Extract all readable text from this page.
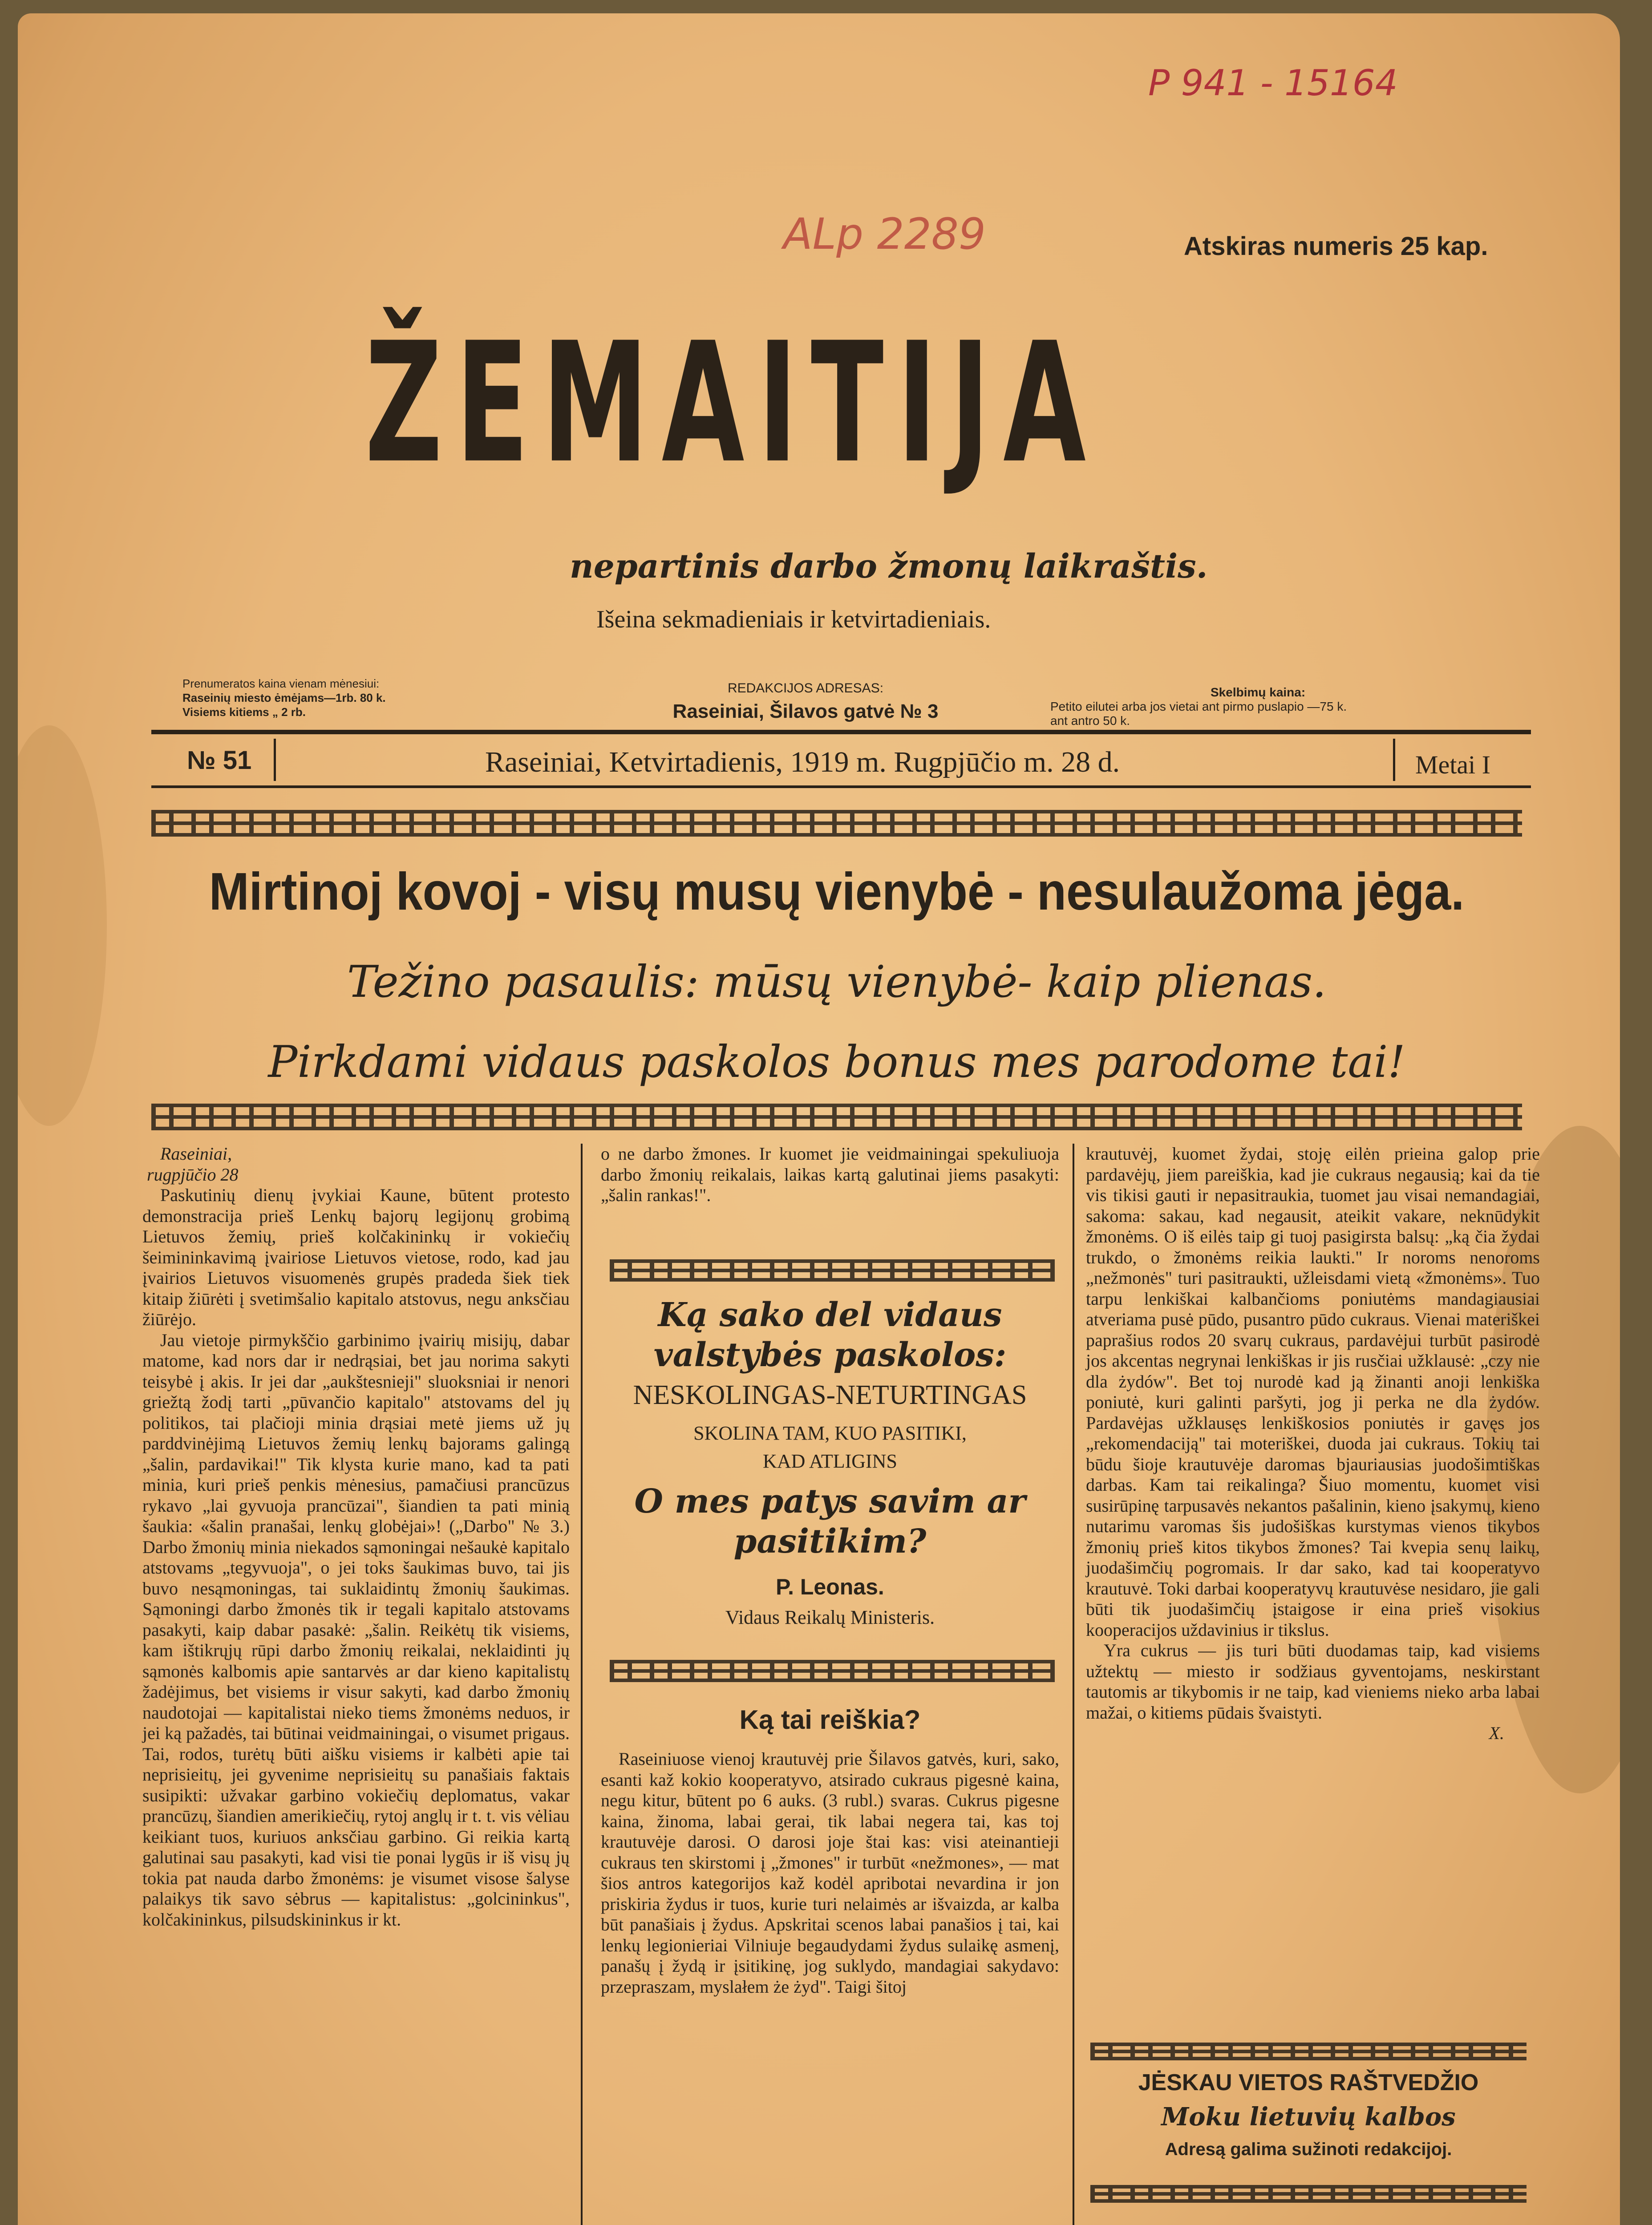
P 941 - 15164
ALp 2289	Atskiras numeris 25 kap.
ŽEMAITIJA
nepartinis darbo žmonų laikraštis.
Išeina sekmadieniais ir ketvirtadieniais.
Prenumeratos kaina vienam mėnesiui:
Raseinių miesto ėmėjams—1rb. 80 k.
Visiems kitiems „ 2 rb.
REDAKCIJOS ADRESAS:
Raseiniai, Šilavos gatvė № 3
Skelbimų kaina:
Petito eilutei arba jos vietai ant pirmo puslapio —75 k.
ant antro 50 k.
№ 51	Raseiniai, Ketvirtadienis, 1919 m. Rugpjūčio m. 28 d.	Metai I
Mirtinoj kovoj - visų musų vienybė - nesulaužoma jėga.
Težino pasaulis: mūsų vienybė- kaip plienas.
Pirkdami vidaus paskolos bonus mes parodome tai!
Raseiniai,
rugpjūčio 28

Paskutinių dienų įvykiai Kaune, būtent protesto demonstracija prieš Lenkų bajorų legijonų grobimą Lietuvos žemių, prieš kolčakininkų ir vokiečių šeimininkavimą įvairiose Lietuvos vietose, rodo, kad jau įvairios Lietuvos visuomenės grupės pradeda šiek tiek kitaip žiūrėti į svetimšalio kapitalo atstovus, negu anksčiau žiūrėjo.

Jau vietoje pirmykščio garbinimo įvairių misijų, dabar matome, kad nors dar ir nedrąsiai, bet jau norima sakyti teisybė į akis. Ir jei dar „aukštesnieji" sluoksniai ir nenori griežtą žodį tarti „pūvančio kapitalo" atstovams del jų politikos, tai plačioji minia drąsiai metė jiems už jų parddvinėjimą Lietuvos žemių lenkų bajorams galingą „šalin, pardavikai!" Tik klysta kurie mano, kad ta pati minia, kuri prieš penkis mėnesius, pamačiusi prancūzus rykavo „lai gyvuoja prancūzai", šiandien ta pati minią šaukia: «šalin pranašai, lenkų globėjai»! („Darbo" № 3.) Darbo žmonių minia niekados sąmoningai nešaukė kapitalo atstovams „tegyvuoja", o jei toks šaukimas buvo, tai jis buvo nesąmoningas, tai suklaidintų žmonių šaukimas. Sąmoningi darbo žmonės tik ir tegali kapitalo atstovams pasakyti, kaip dabar pasakė: „šalin. Reikėtų tik visiems, kam ištikrųjų rūpi darbo žmonių reikalai, neklaidinti jų sąmonės kalbomis apie santarvės ar dar kieno kapitalistų žadėjimus, bet visiems ir visur sakyti, kad darbo žmonių naudotojai — kapitalistai nieko tiems žmonėms neduos, ir jei ką pažadės, tai būtinai veidmainingai, o visumet prigaus. Tai, rodos, turėtų būti aišku visiems ir kalbėti apie tai neprisieitų, jei gyvenime neprisieitų su panašiais faktais susipikti: užvakar garbino vokiečių deplomatus, vakar prancūzų, šiandien amerikiečių, rytoj anglų ir t. t. vis vėliau keikiant tuos, kuriuos anksčiau garbino. Gi reikia kartą galutinai sau pasakyti, kad visi tie ponai lygūs ir iš visų jų tokia pat nauda darbo žmonėms: je visumet visose šalyse palaikys tik savo sėbrus — kapitalistus: „golcininkus", kolčakininkus, pilsudskininkus ir kt.

o ne darbo žmones. Ir kuomet jie veidmainingai spekuliuoja darbo žmonių reikalais, laikas kartą galutinai jiems pasakyti: „šalin rankas!".

Ką sako del vidaus valstybės paskolos:
NESKOLINGAS-NETURTINGAS
SKOLINA TAM, KUO PASITIKI,
KAD ATLIGINS
O mes patys savim ar pasitikim?
P. Leonas.
Vidaus Reikalų Ministeris.
Ką tai reiškia?

Raseiniuose vienoj krautuvėj prie Šilavos gatvės, kuri, sako, esanti kaž kokio kooperatyvo, atsirado cukraus pigesnė kaina, negu kitur, būtent po 6 auks. (3 rubl.) svaras. Cukrus pigesne kaina, žinoma, labai gerai, tik labai negera tai, kas toj krautuvėje darosi. O darosi joje štai kas: visi ateinantieji cukraus ten skirstomi į „žmones" ir turbūt «nežmones», — mat šios antros kategorijos kaž kodėl apribotai nevardina ir jon priskiria žydus ir tuos, kurie turi nelaimės ar išvaizda, ar kalba būt panašiais į žydus. Apskritai scenos labai panašios į tai, kai lenkų legionieriai Vilniuje begaudydami žydus sulaikę asmenį, panašų į žydą ir įsitikinę, jog suklydo, mandagiai sakydavo: przepraszam, myslałem że żyd". Taigi šitoj

krautuvėj, kuomet žydai, stoję eilėn prieina galop prie pardavėjų, jiem pareiškia, kad jie cukraus negausią; kai da tie vis tikisi gauti ir nepasitraukia, tuomet jau visai nemandagiai, sakoma: sakau, kad negausit, ateikit vakare, neknūdykit žmonėms. O iš eilės taip gi tuoj pasigirsta balsų: „ką čia žydai trukdo, o žmonėms reikia laukti." Ir noroms nenoroms „nežmonės" turi pasitraukti, užleisdami vietą «žmonėms». Tuo tarpu lenkiškai kalbančioms poniutėms mandagiausiai atveriama pusė pūdo, pusantro pūdo cukraus. Vienai materiškei paprašius rodos 20 svarų cukraus, pardavėjui turbūt pasirodė jos akcentas negrynai lenkiškas ir jis rusčiai užklausė: „czy nie dla żydów". Bet toj nurodė kad ją žinanti anoji lenkiška poniutė, kuri galinti paršyti, jog ji perka ne dla żydów. Pardavėjas užklausęs lenkiškosios poniutės ir gavęs jos „rekomendaciją" tai moteriškei, duoda jai cukraus. Tokių tai būdu šioje krautuvėje daromas bjauriausias juodošimtiškas darbas. Kam tai reikalinga? Šiuo momentu, kuomet visi susirūpinę tarpusavės nekantos pašalinin, kieno įsakymų, kieno nutarimu varomas šis judošiškas kurstymas vienos tikybos žmonių prieš kitos tikybos žmones? Tai kvepia senų laikų, juodašimčių pogromais. Ir dar sako, kad tai kooperatyvo krautuvė. Toki darbai kooperatyvų krautuvėse nesidaro, jie gali būti tik juodašimčių įstaigose ir eina prieš visokius kooperacijos uždavinius ir tikslus.

Yra cukrus — jis turi būti duodamas taip, kad visiems užtektų — miesto ir sodžiaus gyventojams, neskirstant tautomis ar tikybomis ir ne taip, kad vieniems nieko arba labai mažai, o kitiems pūdais švaistyti.

X.
JĖSKAU VIETOS RAŠTVEDŽIO
Moku lietuvių kalbos
Adresą galima sužinoti redakcijoj.
